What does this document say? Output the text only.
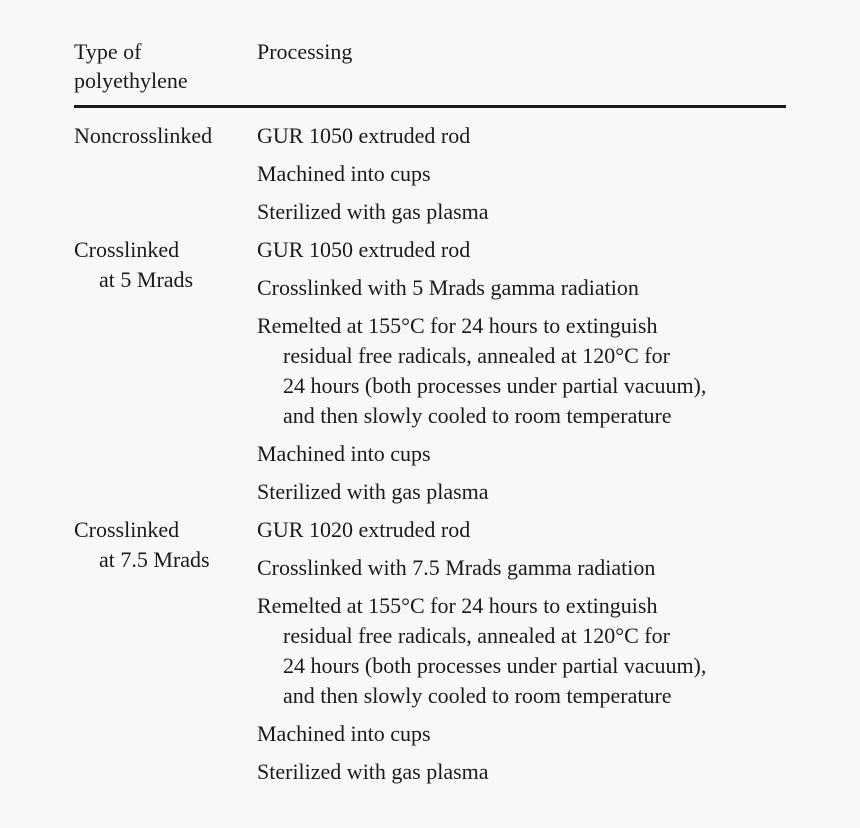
Type of
polyethylene
Processing
Noncrosslinked	GUR 1050 extruded rod
Machined into cups
Sterilized with gas plasma
Crosslinked
at 5 Mrads
GUR 1050 extruded rod
Crosslinked with 5 Mrads gamma radiation
Remelted at 155°C for 24 hours to extinguish
residual free radicals, annealed at 120°C for
24 hours (both processes under partial vacuum),
and then slowly cooled to room temperature
Machined into cups
Sterilized with gas plasma
Crosslinked
at 7.5 Mrads
GUR 1020 extruded rod
Crosslinked with 7.5 Mrads gamma radiation
Remelted at 155°C for 24 hours to extinguish
residual free radicals, annealed at 120°C for
24 hours (both processes under partial vacuum),
and then slowly cooled to room temperature
Machined into cups
Sterilized with gas plasma
